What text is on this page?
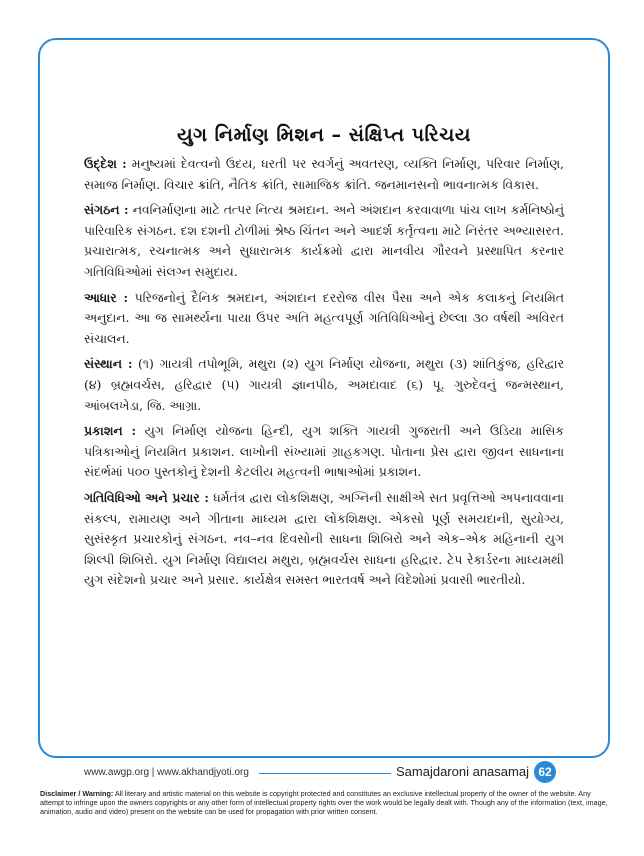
યુગ નિર્માણ મિશન – સંક્ષિપ્ત પરિચય

ઉદ્દેશ : મનુષ્યમાં દેવત્વનો ઉદય, ધરતી પર સ્વર્ગનું અવતરણ, વ્યક્તિ નિર્માણ, પરિવાર નિર્માણ, સમાજ નિર્માણ. વિચાર ક્રાંતિ, નૈતિક ક્રાંતિ, સામાજિક ક્રાંતિ. જનમાનસનો ભાવનાત્મક વિકાસ.

સંગઠન : નવનિર્માણના માટે તત્પર નિત્ય શ્રમદાન. અને અંશદાન કરવાવાળા પાંચ લાખ કર્મનિષ્ઠોનું પારિવારિક સંગઠન. દશ દશની ટોળીમાં શ્રેષ્ઠ ચિંતન અને આદર્શ કર્તૃત્વના માટે નિરંતર અભ્યાસરત. પ્રચારાત્મક, રચનાત્મક અને સુધારાત્મક કાર્યક્રમો દ્વારા માનવીય ગૌરવને પ્રસ્થાપિત કરનાર ગતિવિધિઓમાં સંલગ્ન સમુદાય.

આધાર : પરિજનોનું દૈનિક શ્રમદાન, અંશદાન દરરોજ વીસ પૈસા અને એક કલાકનું નિયમિત અનુદાન. આ જ સામર્થ્યના પાયા ઉપર અતિ મહત્વપૂર્ણ ગતિવિધિઓનું છેલ્લા ૩૦ વર્ષથી અવિરત સંચાલન.

સંસ્થાન : (૧) ગાયત્રી તપોભૂમિ, મથુરા (૨) યુગ નિર્માણ યોજના, મથુરા (૩) શાંતિકુંજ, હરિદ્વાર (૪) બ્રહ્મવર્ચસ, હરિદ્વાર (૫) ગાયત્રી જ્ઞાનપીઠ, અમદાવાદ (૬) પૂ. ગુરુદેવનું જન્મસ્થાન, આંબલખેડા, જિ. આગ્રા.

પ્રકાશન : યુગ નિર્માણ યોજના હિન્દી, યુગ શક્તિ ગાયત્રી ગુજરાતી અને ઉડિયા માસિક પત્રિકાઓનું નિયમિત પ્રકાશન. લાખોની સંખ્યામાં ગ્રાહકગણ. પોતાના પ્રેસ દ્વારા જીવન સાધનાના સંદર્ભમાં ૫૦૦ પુસ્તકોનું દેશની કેટલીય મહત્વની ભાષાઓમાં પ્રકાશન.

ગતિવિધિઓ અને પ્રચાર : ધર્મતંત્ર દ્વારા લોકશિક્ષણ, અગ્નિની સાક્ષીએ સત પ્રવૃત્તિઓ અપનાવવાના સંકલ્પ, રામાયણ અને ગીતાના માધ્યમ દ્વારા લોકશિક્ષણ. એકસો પૂર્ણ સમયદાની, સુયોગ્ય, સુસંસ્કૃત પ્રચારકોનું સંગઠન. નવ–નવ દિવસોની સાધના શિબિરો અને એક–એક મહિનાની યુગ શિલ્પી શિબિરો. યુગ નિર્માણ વિદ્યાલય મથુરા, બ્રહ્મવર્ચસ સાધના હરિદ્વાર. ટેપ રેકાર્ડરના માધ્યમથી યુગ સંદેશનો પ્રચાર અને પ્રસાર. કાર્યક્ષેત્ર સમસ્ત ભારતવર્ષ અને વિદેશોમાં પ્રવાસી ભારતીયો.

www.awgp.org | www.akhandjyoti.org	Samajdaroni anasamaj 62
Disclaimer / Warning: All literary and artistic material on this website is copyright protected and constitutes an exclusive intellectual property of the owner of the website. Any attempt to infringe upon the owners copyrights or any other form of intellectual property rights over the work would be legally dealt with. Though any of the information (text, image, animation, audio and video) present on the website can be used for propagation with prior written consent.
